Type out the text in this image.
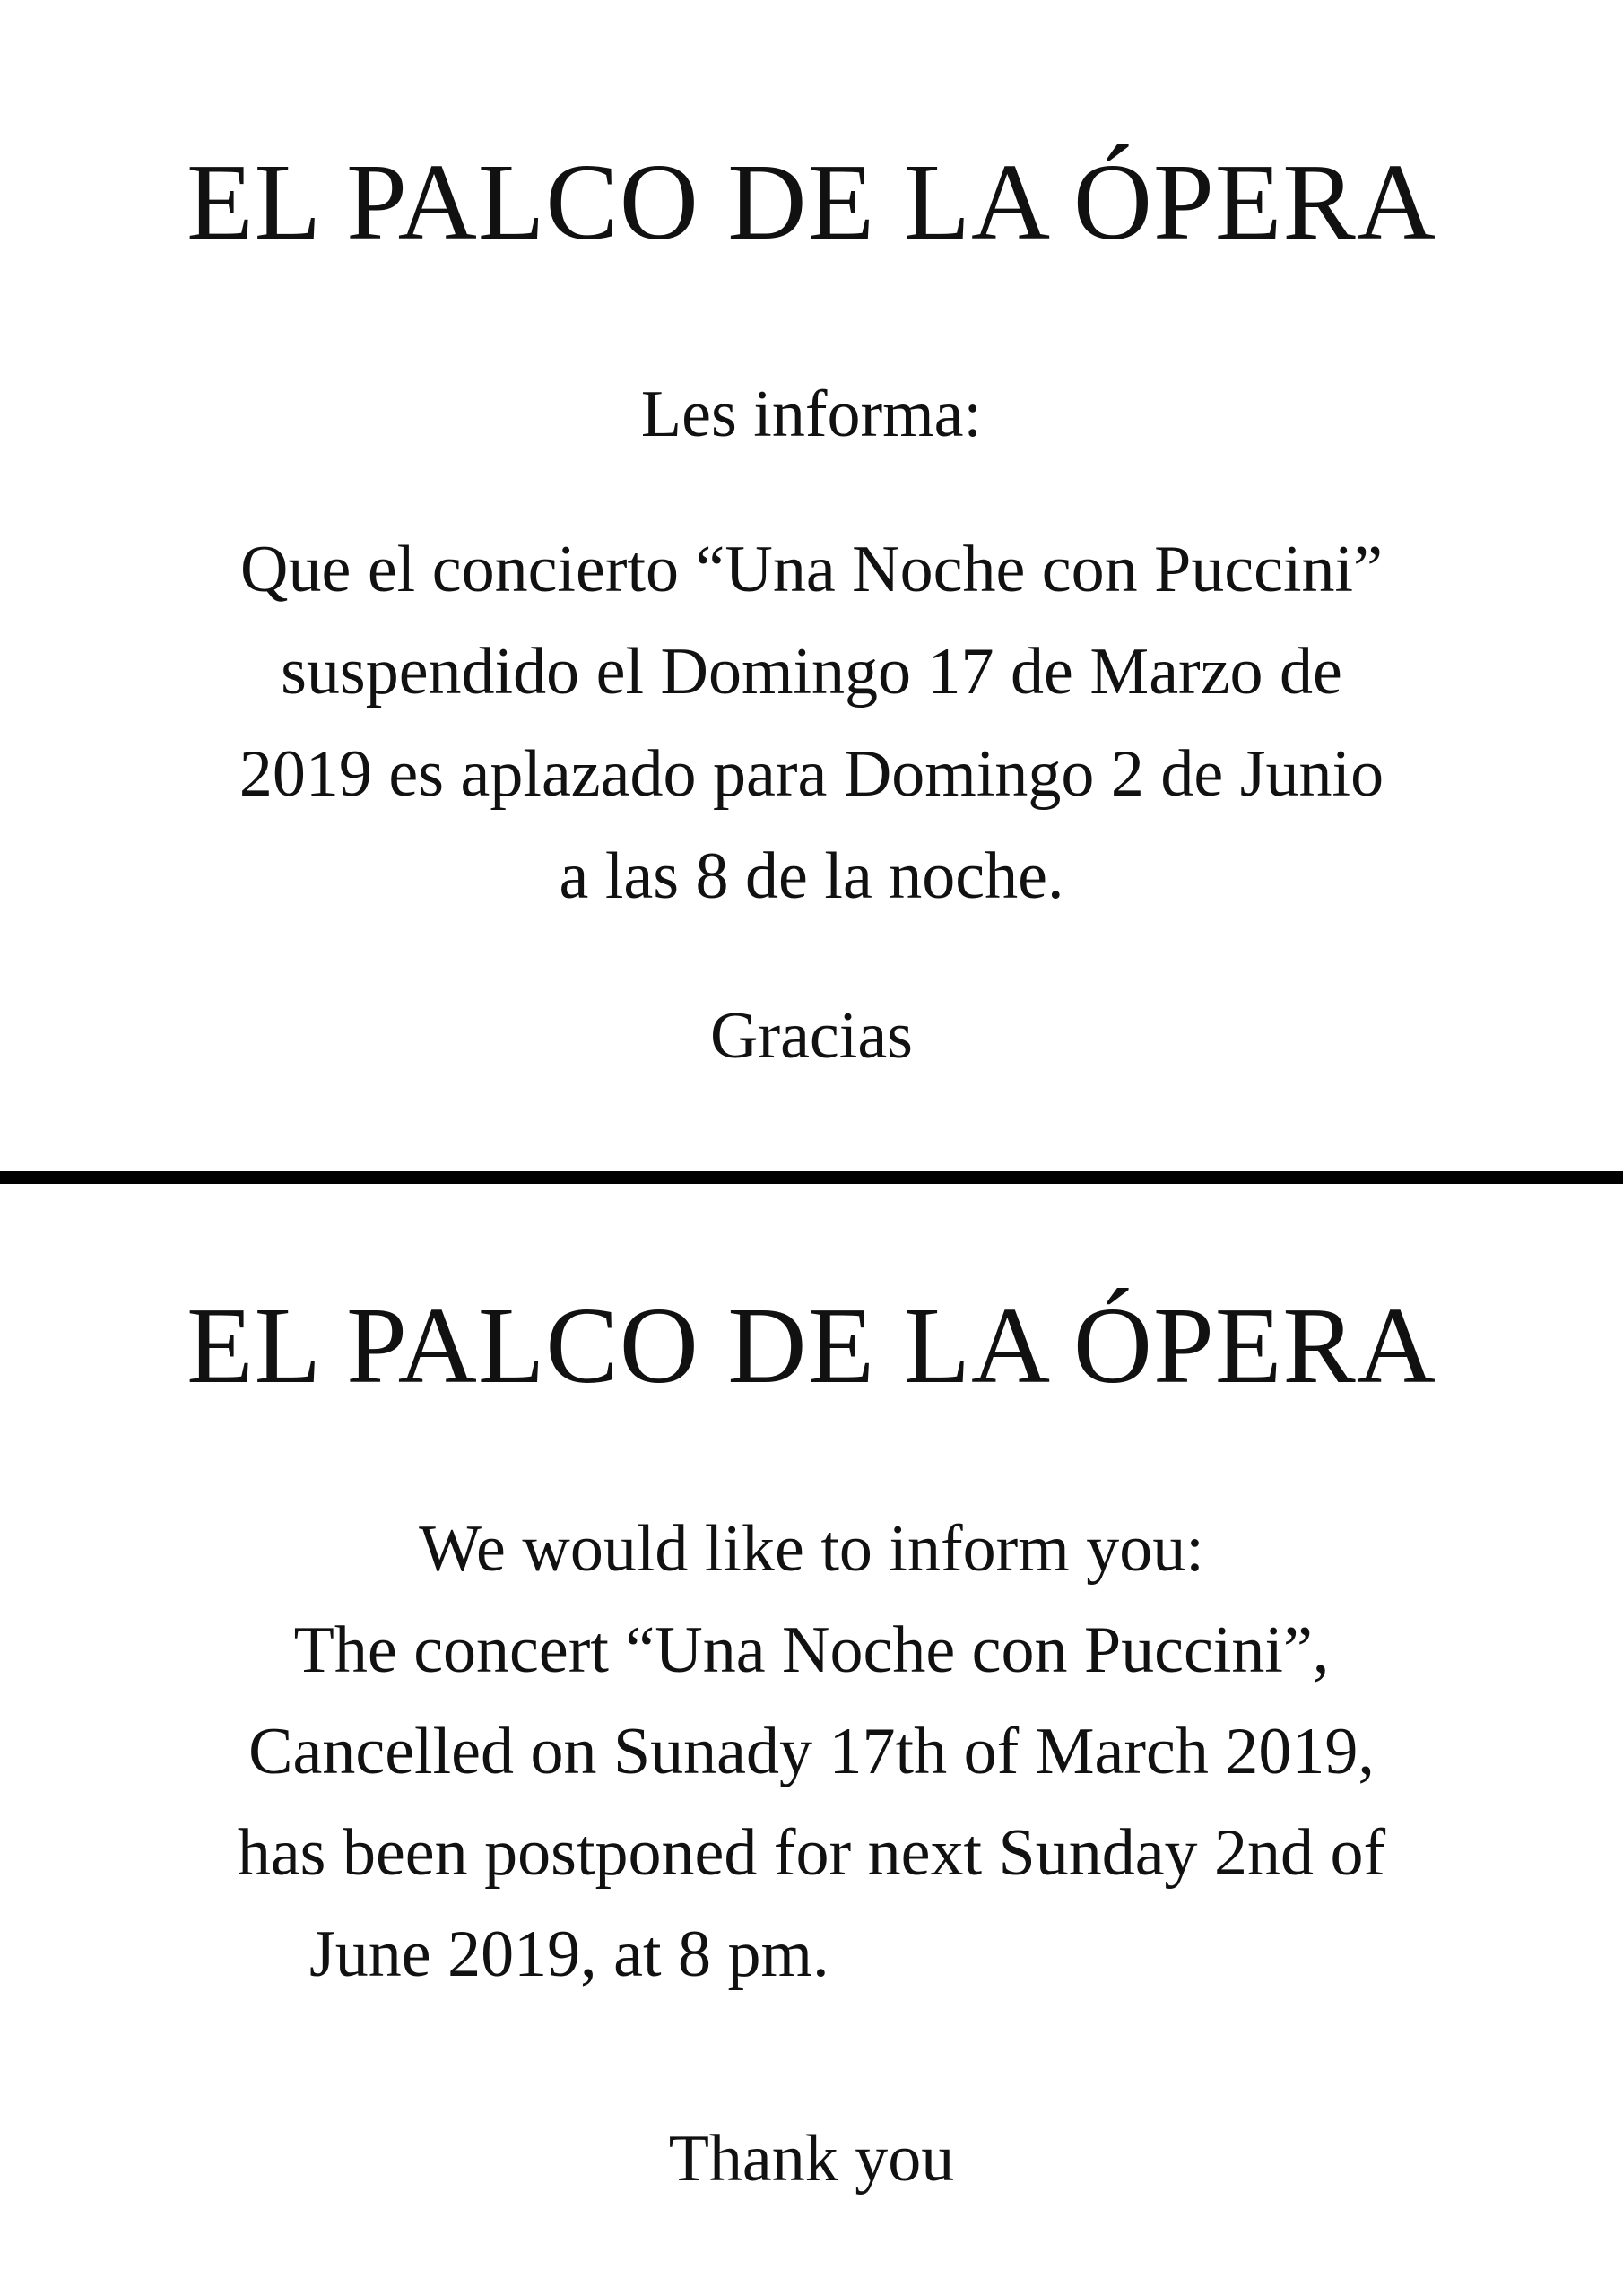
EL PALCO DE LA ÓPERA
Les informa:
Que el concierto “Una Noche con Puccini”
suspendido el Domingo 17 de Marzo de
2019 es aplazado para Domingo 2 de Junio
a las 8 de la noche.
Gracias
EL PALCO DE LA ÓPERA
We would like to inform you:
The concert “Una Noche con Puccini”,
Cancelled on Sunady 17th of March 2019,
has been postponed for next Sunday 2nd of
June 2019, at 8 pm.
Thank you
